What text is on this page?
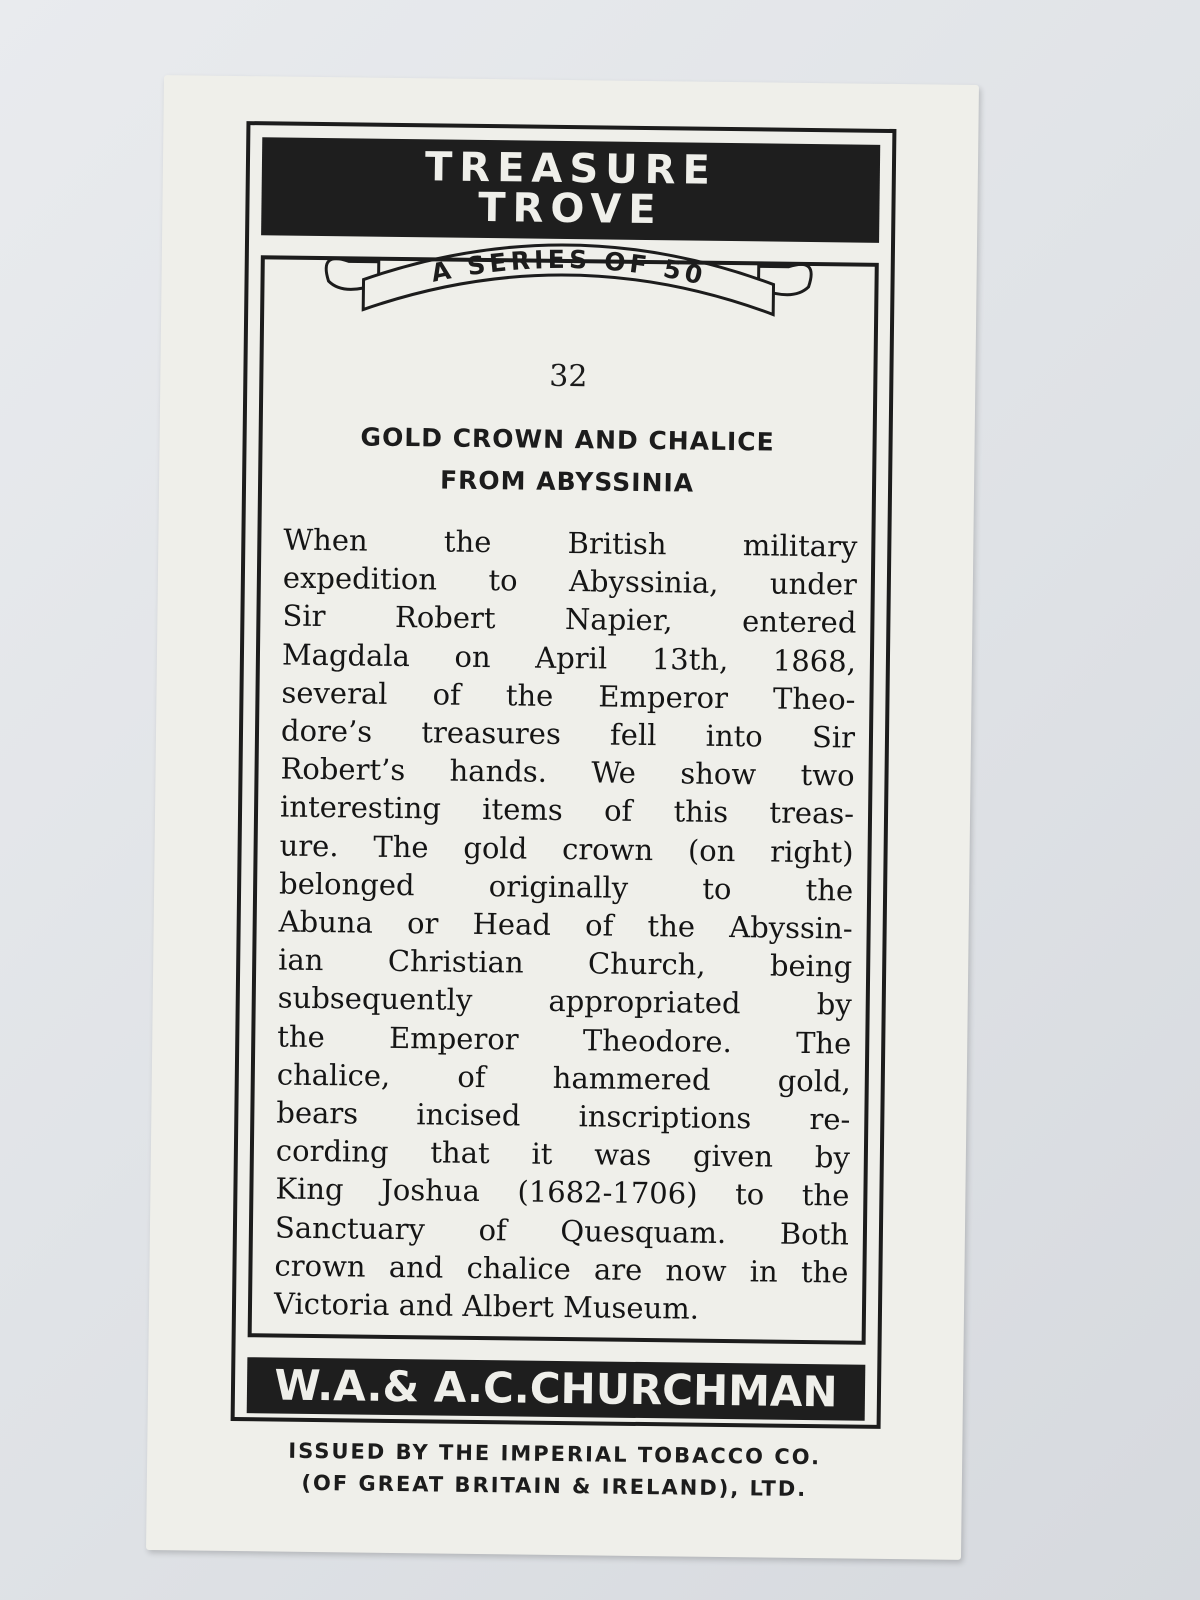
TREASURE
TROVE
A SERIES OF 50
32
GOLD CROWN AND CHALICE
FROM ABYSSINIA
When the British military
expedition to Abyssinia, under
Sir Robert Napier, entered
Magdala on April 13th, 1868,
several of the Emperor Theo-
dore’s treasures fell into Sir
Robert’s hands. We show two
interesting items of this treas-
ure. The gold crown (on right)
belonged originally to the
Abuna or Head of the Abyssin-
ian Christian Church, being
subsequently appropriated by
the Emperor Theodore. The
chalice, of hammered gold,
bears incised inscriptions re-
cording that it was given by
King Joshua (1682-1706) to the
Sanctuary of Quesquam. Both
crown and chalice are now in the
Victoria and Albert Museum.
W.A.& A.C.CHURCHMAN
ISSUED BY THE IMPERIAL TOBACCO CO.
(OF GREAT BRITAIN & IRELAND), LTD.
